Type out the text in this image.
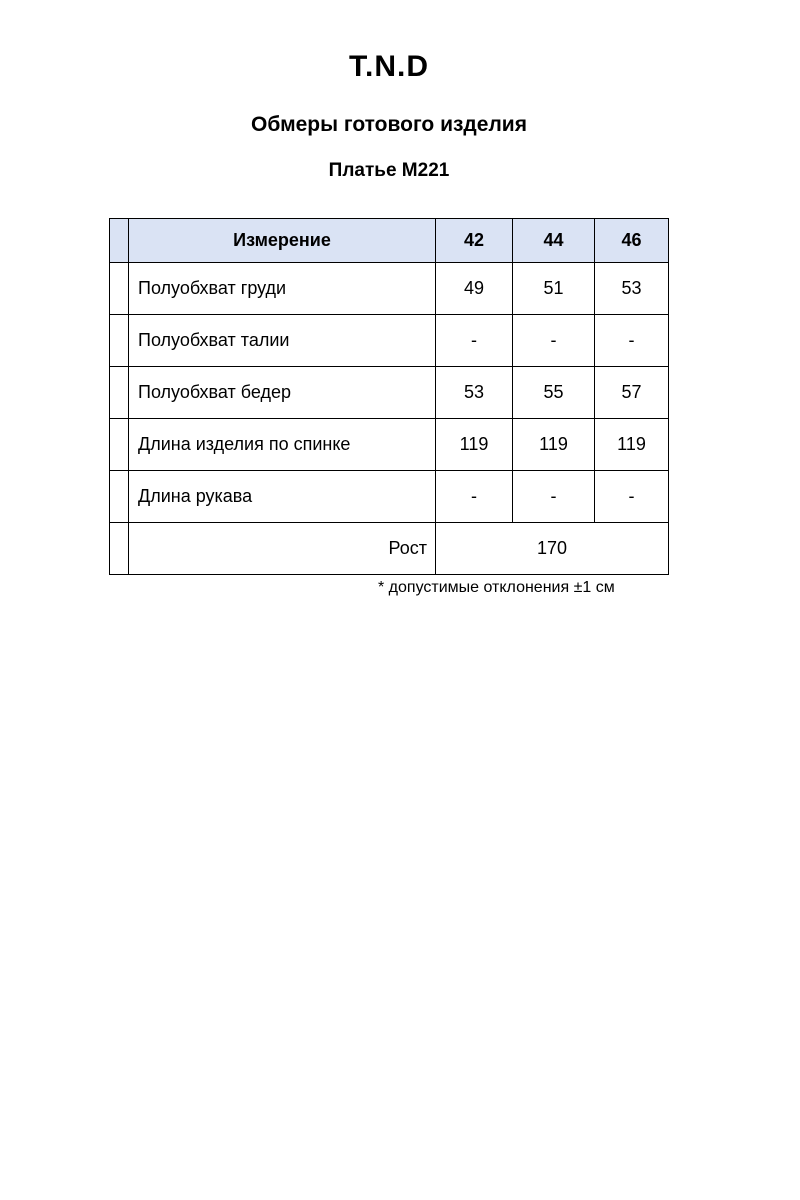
T.N.D
Обмеры готового изделия
Платье М221
	Измерение	42	44	46
	Полуобхват груди	49	51	53
	Полуобхват талии	-	-	-
	Полуобхват бедер	53	55	57
	Длина изделия по спинке	119	119	119
	Длина рукава	-	-	-
	Рост	170		
* допустимые отклонения ±1 см
